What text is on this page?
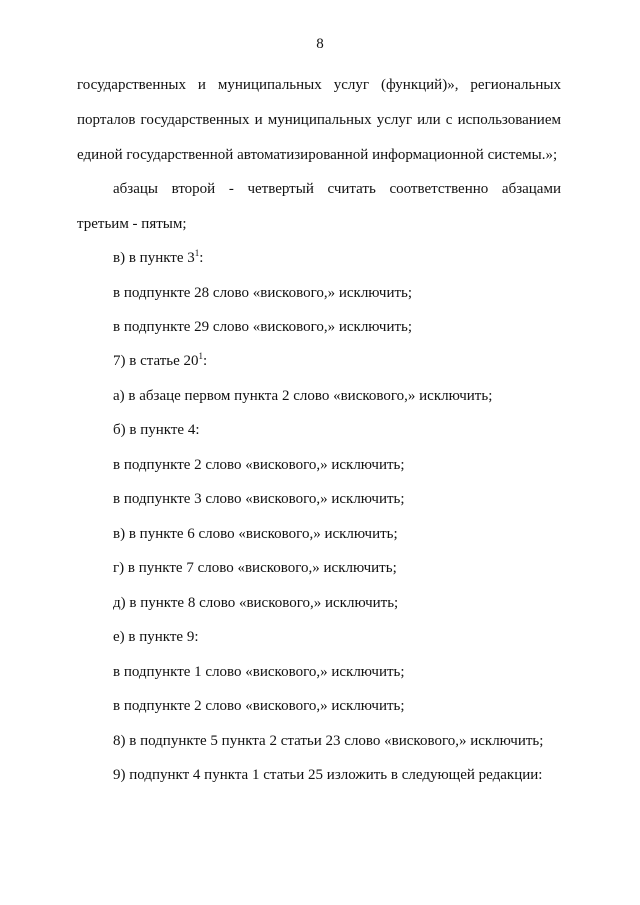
8
государственных и муниципальных услуг (функций)», региональных
порталов государственных и муниципальных услуг или с использованием
единой государственной автоматизированной информационной системы.»;
абзацы второй - четвертый считать соответственно абзацами
третьим - пятым;
в) в пункте $3^1$:
в подпункте 28 слово «вискового,» исключить;
в подпункте 29 слово «вискового,» исключить;
7) в статье $20^1$:
а) в абзаце первом пункта 2 слово «вискового,» исключить;
б) в пункте 4:
в подпункте 2 слово «вискового,» исключить;
в подпункте 3 слово «вискового,» исключить;
в) в пункте 6 слово «вискового,» исключить;
г) в пункте 7 слово «вискового,» исключить;
д) в пункте 8 слово «вискового,» исключить;
е) в пункте 9:
в подпункте 1 слово «вискового,» исключить;
в подпункте 2 слово «вискового,» исключить;
8) в подпункте 5 пункта 2 статьи 23 слово «вискового,» исключить;
9) подпункт 4 пункта 1 статьи 25 изложить в следующей редакции:
